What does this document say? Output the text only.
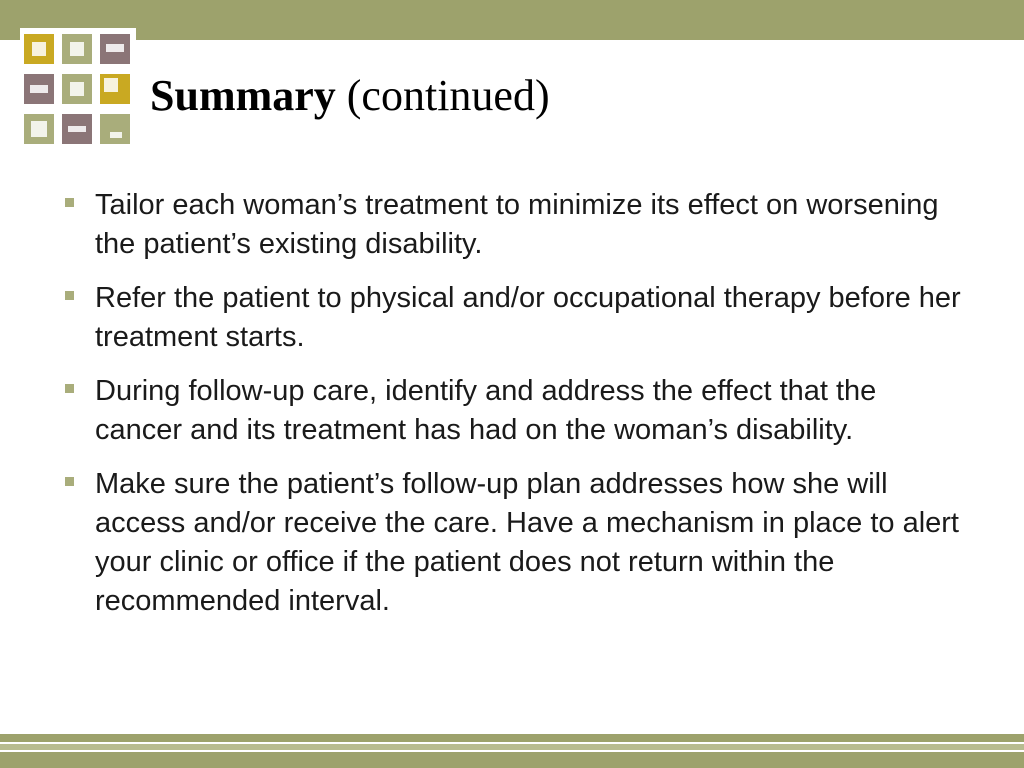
Summary (continued)
Tailor each woman’s treatment to minimize its effect on worsening the patient’s existing disability.
Refer the patient to physical and/or occupational therapy before her treatment starts.
During follow-up care, identify and address the effect that the cancer and its treatment has had on the woman’s disability.
Make sure the patient’s follow-up plan addresses how she will access and/or receive the care. Have a mechanism in place to alert your clinic or office if the patient does not return within the recommended interval.
